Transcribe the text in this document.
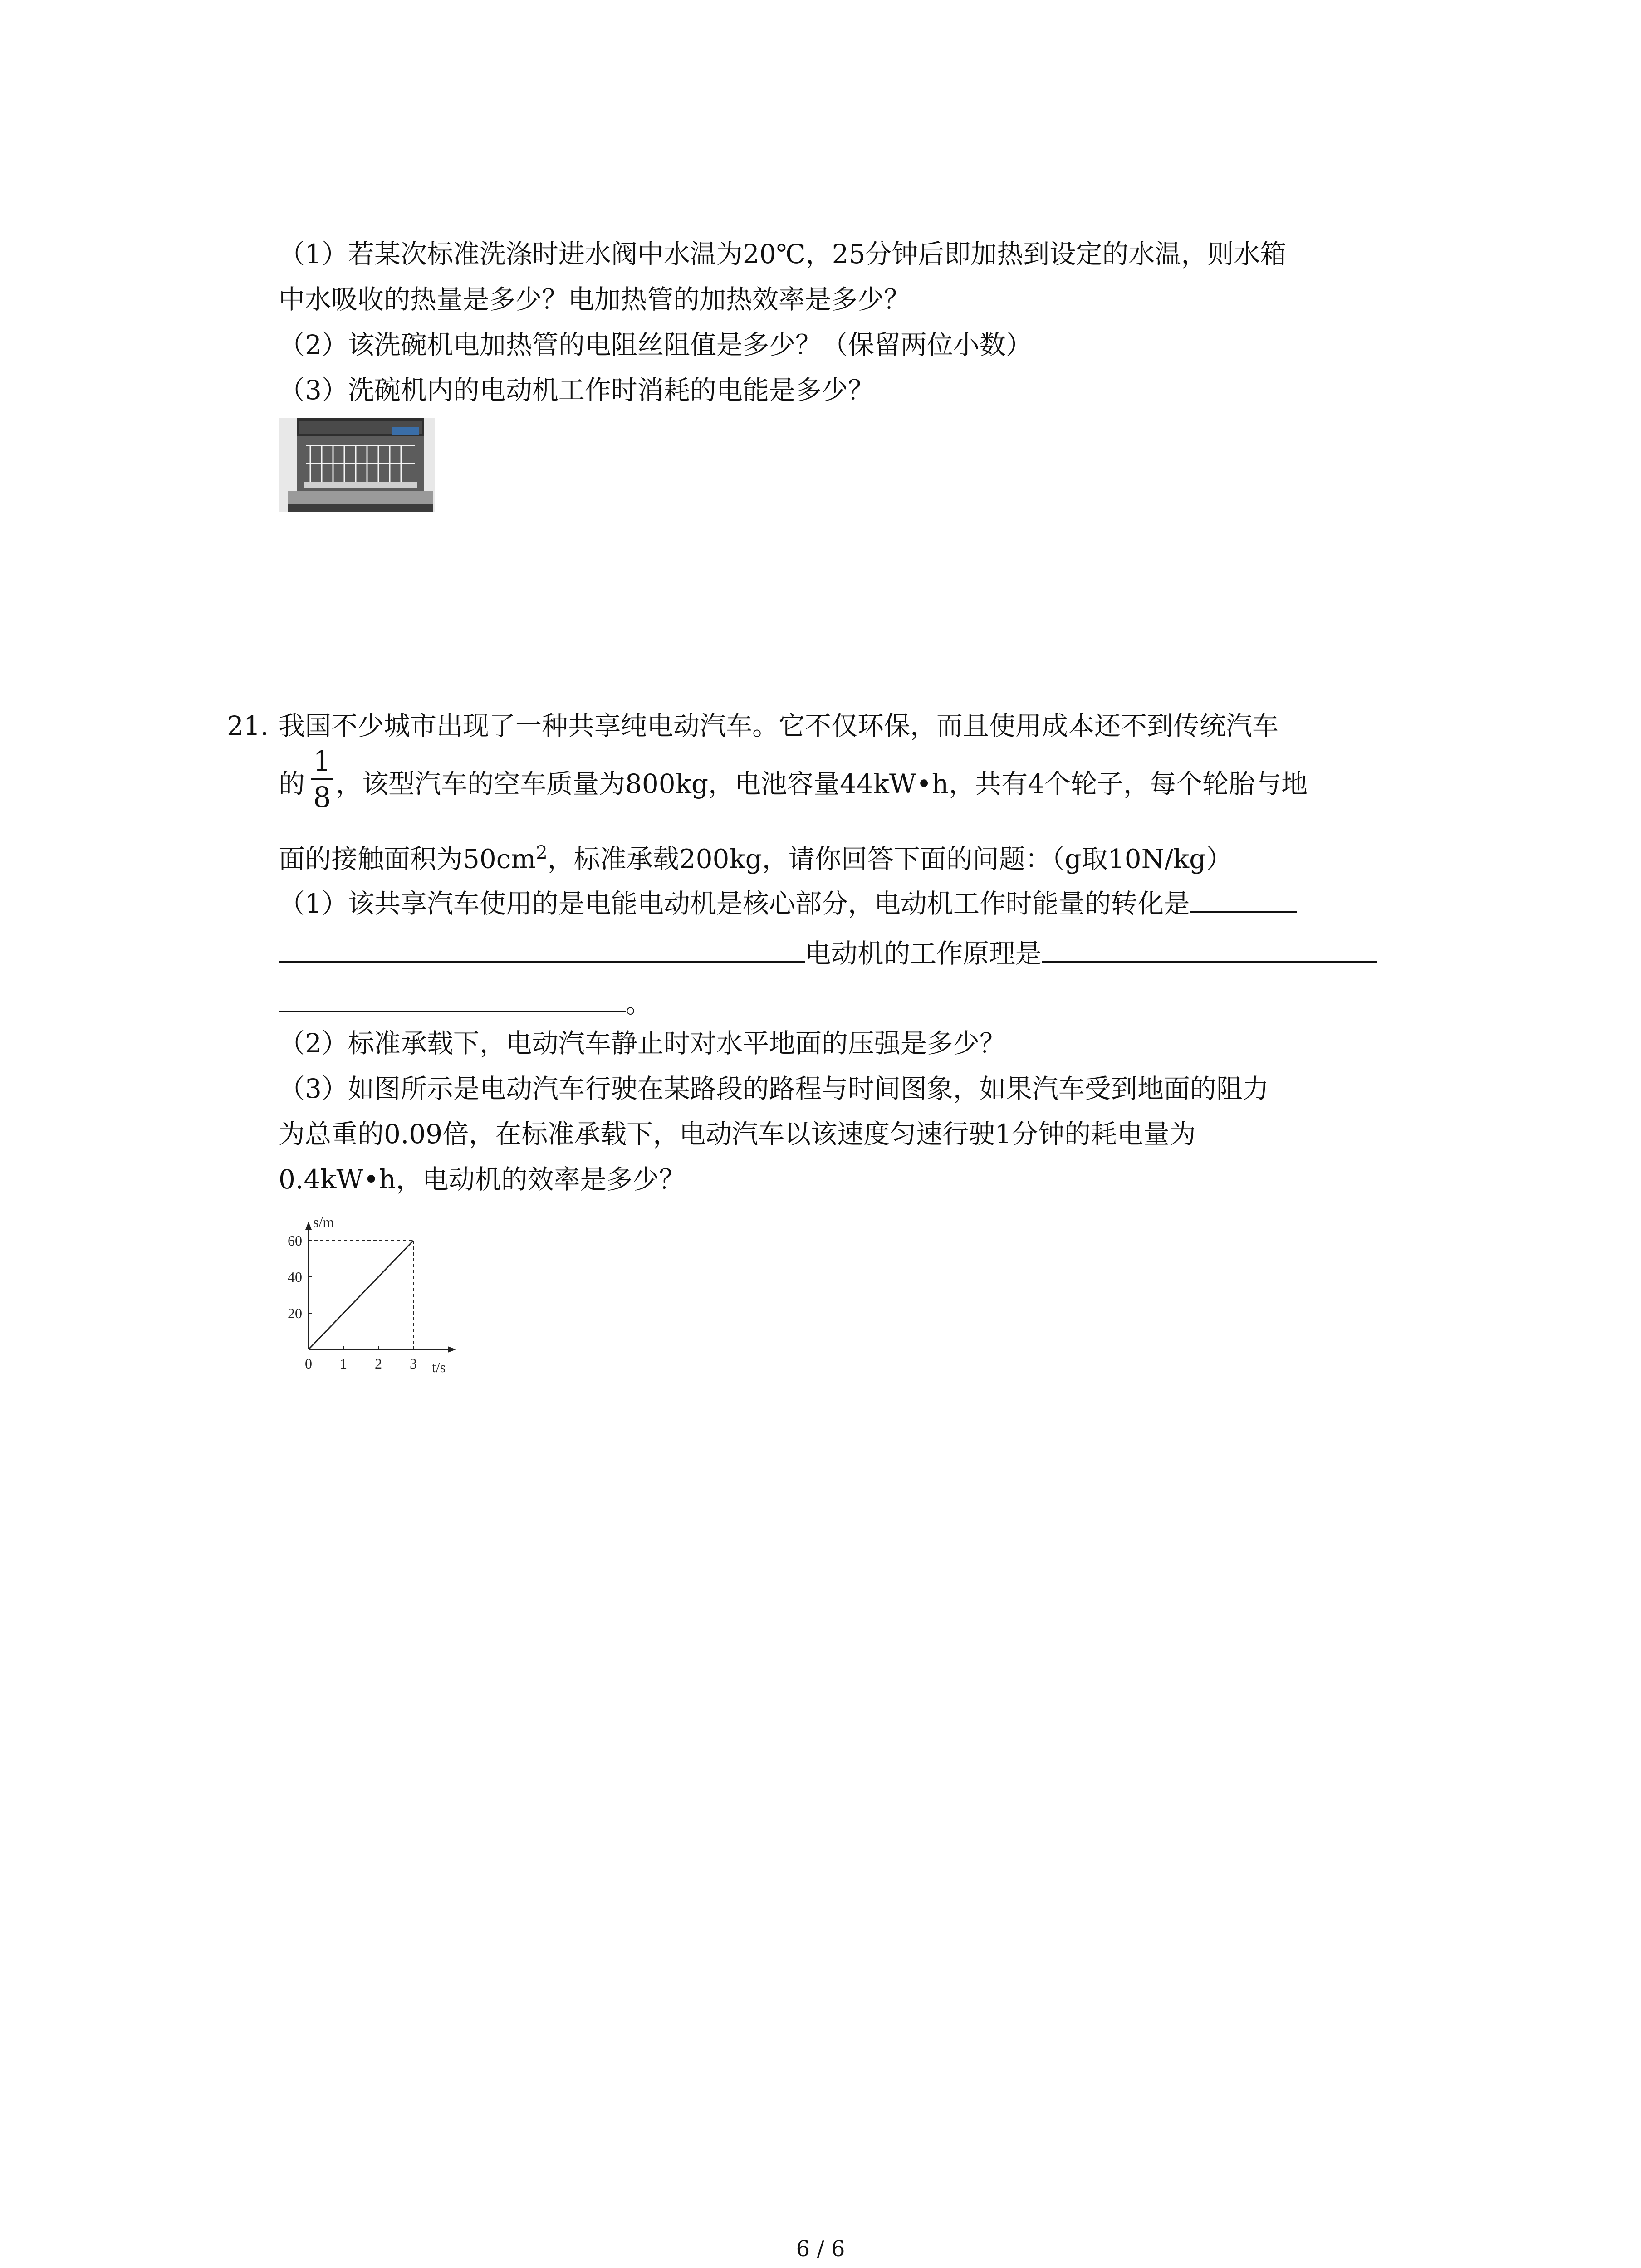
（1）若某次标准洗涤时进水阀中水温为20℃，25分钟后即加热到设定的水温，则水箱
中水吸收的热量是多少？电加热管的加热效率是多少？
（2）该洗碗机电加热管的电阻丝阻值是多少？（保留两位小数）
（3）洗碗机内的电动机工作时消耗的电能是多少？
21. 我国不少城市出现了一种共享纯电动汽车。它不仅环保，而且使用成本还不到传统汽车
的
1
8 ，该型汽车的空车质量为800kg，电池容量44kW•h，共有4个轮子，每个轮胎与地
面的接触面积为$50cm^2$，标准承载200kg，请你回答下面的问题：（g取10N/kg）
（1）该共享汽车使用的是电能电动机是核心部分，电动机工作时能量的转化是
电动机的工作原理是
。
（2）标准承载下，电动汽车静止时对水平地面的压强是多少？
（3）如图所示是电动汽车行驶在某路段的路程与时间图象，如果汽车受到地面的阻力
为总重的0.09倍，在标准承载下，电动汽车以该速度匀速行驶1分钟的耗电量为
0.4kW•h，电动机的效率是多少？
s/m
t/s
0 1 2 3
20
40
60
6 / 6
